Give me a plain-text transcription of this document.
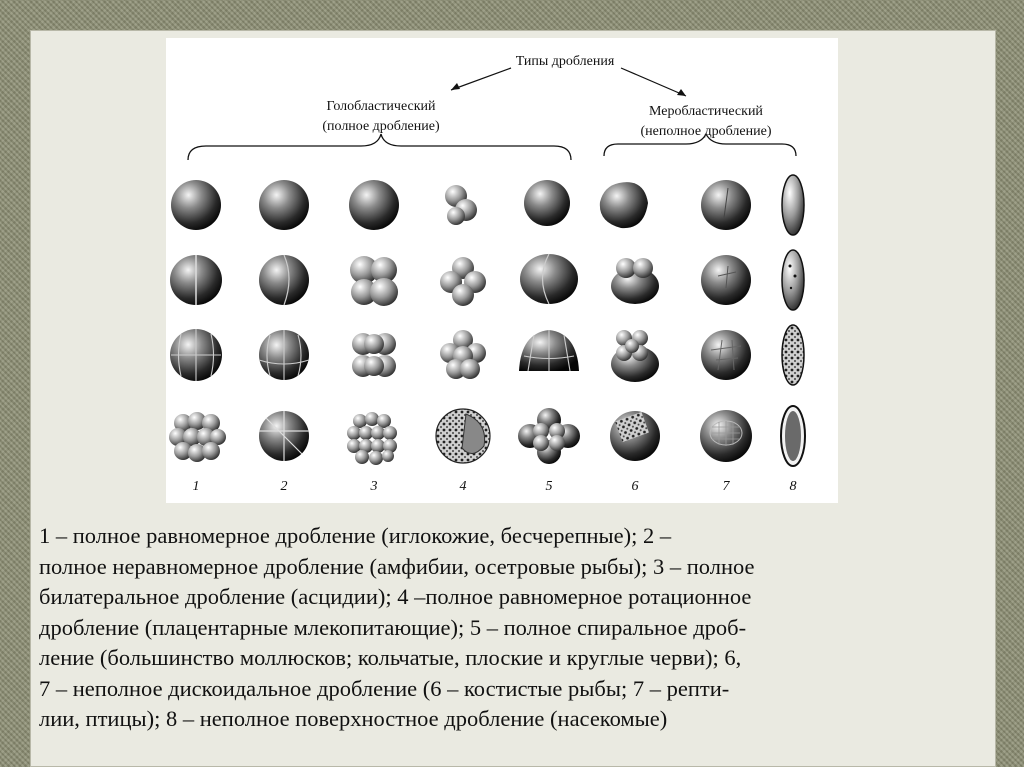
Типы дробления
Голобластический
(полное дробление)
Меробластический
(неполное дробление)
1	2	3	4	5	6	7	8
1 – полное равномерное дробление (иглокожие, бесчерепные); 2 –
полное неравномерное дробление (амфибии, осетровые рыбы); 3 – полное
билатеральное дробление (асцидии); 4 –полное равномерное ротационное
дробление (плацентарные млекопитающие); 5 – полное спиральное дроб-
ление (большинство моллюсков; кольчатые, плоские и круглые черви); 6,
7 – неполное дискоидальное дробление (6 – костистые рыбы; 7 – репти-
лии, птицы); 8 – неполное поверхностное дробление (насекомые)
